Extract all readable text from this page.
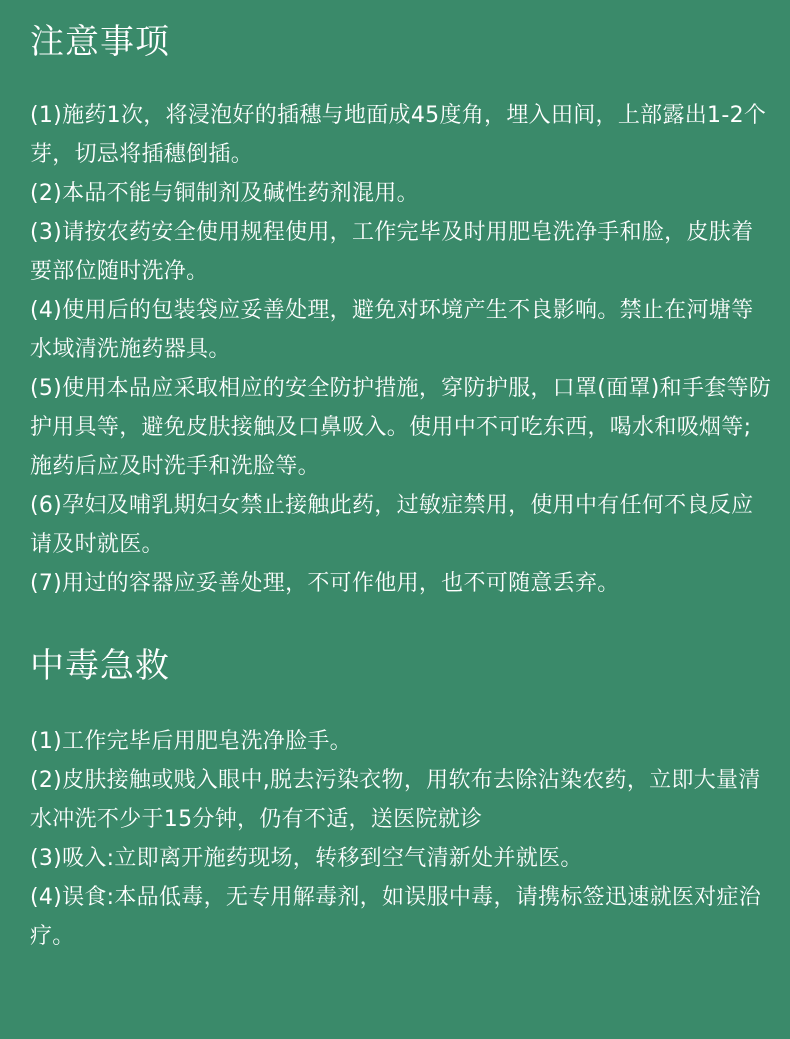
注意事项
(1)施药1次，将浸泡好的插穗与地面成45度角，埋入田间，上部露出1-2个芽，切忌将插穗倒插。
(2)本品不能与铜制剂及碱性药剂混用。
(3)请按农药安全使用规程使用，工作完毕及时用肥皂洗净手和脸，皮肤着要部位随时洗净。
(4)使用后的包装袋应妥善处理，避免对环境产生不良影响。禁止在河塘等水域清洗施药器具。
(5)使用本品应采取相应的安全防护措施，穿防护服，口罩(面罩)和手套等防护用具等，避免皮肤接触及口鼻吸入。使用中不可吃东西，喝水和吸烟等;施药后应及时洗手和洗脸等。
(6)孕妇及哺乳期妇女禁止接触此药，过敏症禁用，使用中有任何不良反应请及时就医。
(7)用过的容器应妥善处理，不可作他用，也不可随意丢弃。
中毒急救
(1)工作完毕后用肥皂洗净脸手。
(2)皮肤接触或贱入眼中,脱去污染衣物，用软布去除沾染农药，立即大量清水冲洗不少于15分钟，仍有不适，送医院就诊
(3)吸入:立即离开施药现场，转移到空气清新处并就医。
(4)误食:本品低毒，无专用解毒剂，如误服中毒，请携标签迅速就医对症治疗。
